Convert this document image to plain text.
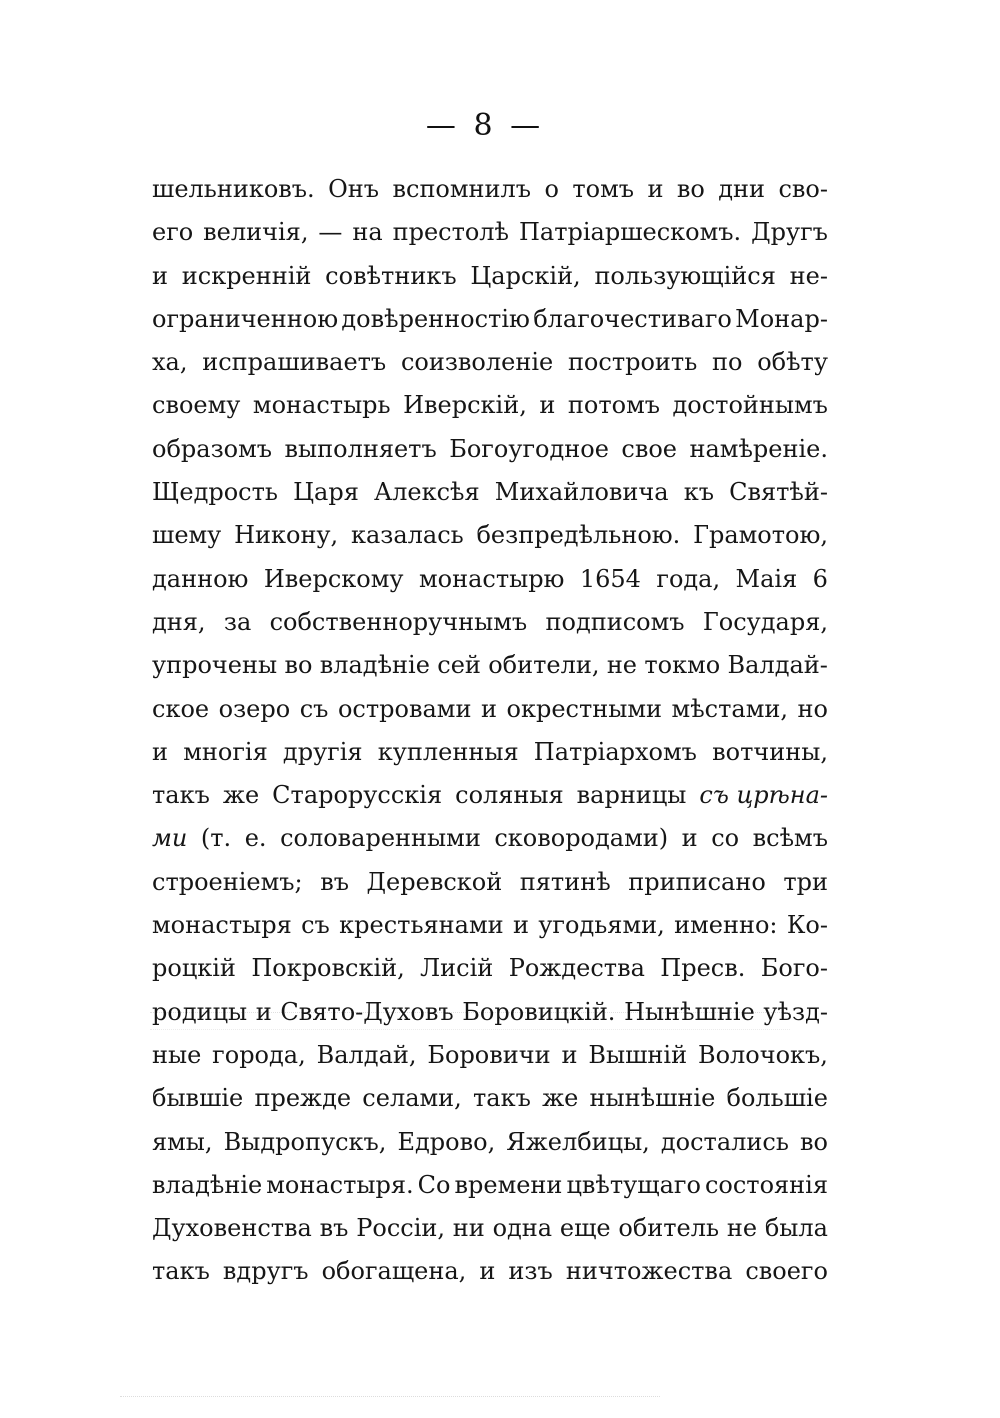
— 8 —
шельниковъ. Онъ вспомнилъ о томъ и во дни сво-
его величія, — на престолѣ Патріаршескомъ. Другъ
и искренній совѣтникъ Царскій, пользующійся не-
ограниченною довѣренностію благочестиваго Монар-
ха, испрашиваетъ соизволеніе построить по обѣту
своему монастырь Иверскій, и потомъ достойнымъ
образомъ выполняетъ Богоугодное свое намѣреніе.
Щедрость Царя Алексѣя Михайловича къ Святѣй-
шему Никону, казалась безпредѣльною. Грамотою,
данною Иверскому монастырю 1654 года, Маія 6
дня, за собственноручнымъ подписомъ Государя,
упрочены во владѣніе сей обители, не токмо Валдай-
ское озеро съ островами и окрестными мѣстами, но
и многія другія купленныя Патріархомъ вотчины,
такъ же Старорусскія соляныя варницы съ црѣна-
ми (т. е. соловаренными сковородами) и со всѣмъ
строеніемъ; въ Деревской пятинѣ приписано три
монастыря съ крестьянами и угодьями, именно: Ко-
роцкій Покровскій, Лисій Рождества Пресв. Бого-
родицы и Свято-Духовъ Боровицкій. Нынѣшніе уѣзд-
ные города, Валдай, Боровичи и Вышній Волочокъ,
бывшіе прежде селами, такъ же нынѣшніе большіе
ямы, Выдропускъ, Едрово, Яжелбицы, достались во
владѣніе монастыря. Со времени цвѣтущаго состоянія
Духовенства въ Россіи, ни одна еще обитель не была
такъ вдругъ обогащена, и изъ ничтожества своего
